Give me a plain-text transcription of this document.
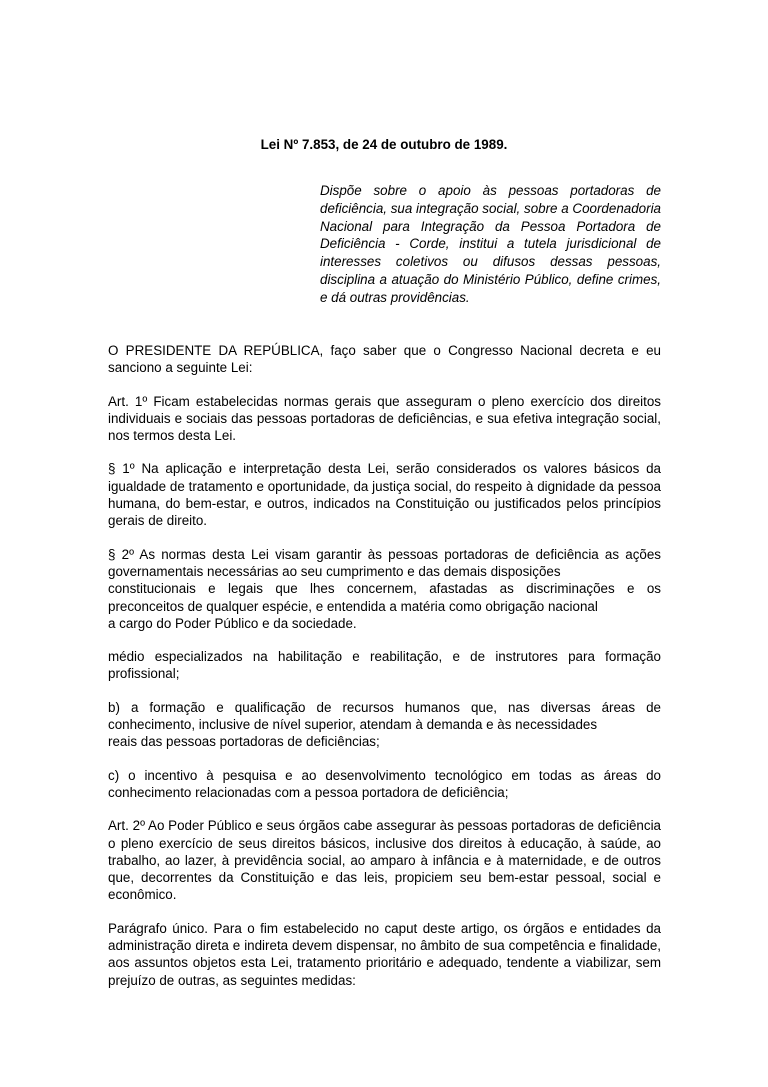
Lei Nº 7.853, de 24 de outubro de 1989.

Dispõe sobre o apoio às pessoas portadoras de deficiência, sua integração social, sobre a Coordenadoria Nacional para Integração da Pessoa Portadora de Deficiência - Corde, institui a tutela jurisdicional de interesses coletivos ou difusos dessas pessoas, disciplina a atuação do Ministério Público, define crimes, e dá outras providências.

O PRESIDENTE DA REPÚBLICA, faço saber que o Congresso Nacional decreta e eu sanciono a seguinte Lei:

Art. 1º Ficam estabelecidas normas gerais que asseguram o pleno exercício dos direitos individuais e sociais das pessoas portadoras de deficiências, e sua efetiva integração social, nos termos desta Lei.

§ 1º Na aplicação e interpretação desta Lei, serão considerados os valores básicos da igualdade de tratamento e oportunidade, da justiça social, do respeito à dignidade da pessoa humana, do bem-estar, e outros, indicados na Constituição ou justificados pelos princípios gerais de direito.

§ 2º As normas desta Lei visam garantir às pessoas portadoras de deficiência as ações
governamentais necessárias ao seu cumprimento e das demais disposições
constitucionais e legais que lhes concernem, afastadas as discriminações e os
preconceitos de qualquer espécie, e entendida a matéria como obrigação nacional
a cargo do Poder Público e da sociedade.

médio especializados na habilitação e reabilitação, e de instrutores para formação profissional;

b) a formação e qualificação de recursos humanos que, nas diversas áreas de
conhecimento, inclusive de nível superior, atendam à demanda e às necessidades
reais das pessoas portadoras de deficiências;

c) o incentivo à pesquisa e ao desenvolvimento tecnológico em todas as áreas do conhecimento relacionadas com a pessoa portadora de deficiência;

Art. 2º Ao Poder Público e seus órgãos cabe assegurar às pessoas portadoras de deficiência o pleno exercício de seus direitos básicos, inclusive dos direitos à educação, à saúde, ao trabalho, ao lazer, à previdência social, ao amparo à infância e à maternidade, e de outros que, decorrentes da Constituição e das leis, propiciem seu bem-estar pessoal, social e econômico.

Parágrafo único. Para o fim estabelecido no caput deste artigo, os órgãos e entidades da administração direta e indireta devem dispensar, no âmbito de sua competência e finalidade, aos assuntos objetos esta Lei, tratamento prioritário e adequado, tendente a viabilizar, sem prejuízo de outras, as seguintes medidas:
